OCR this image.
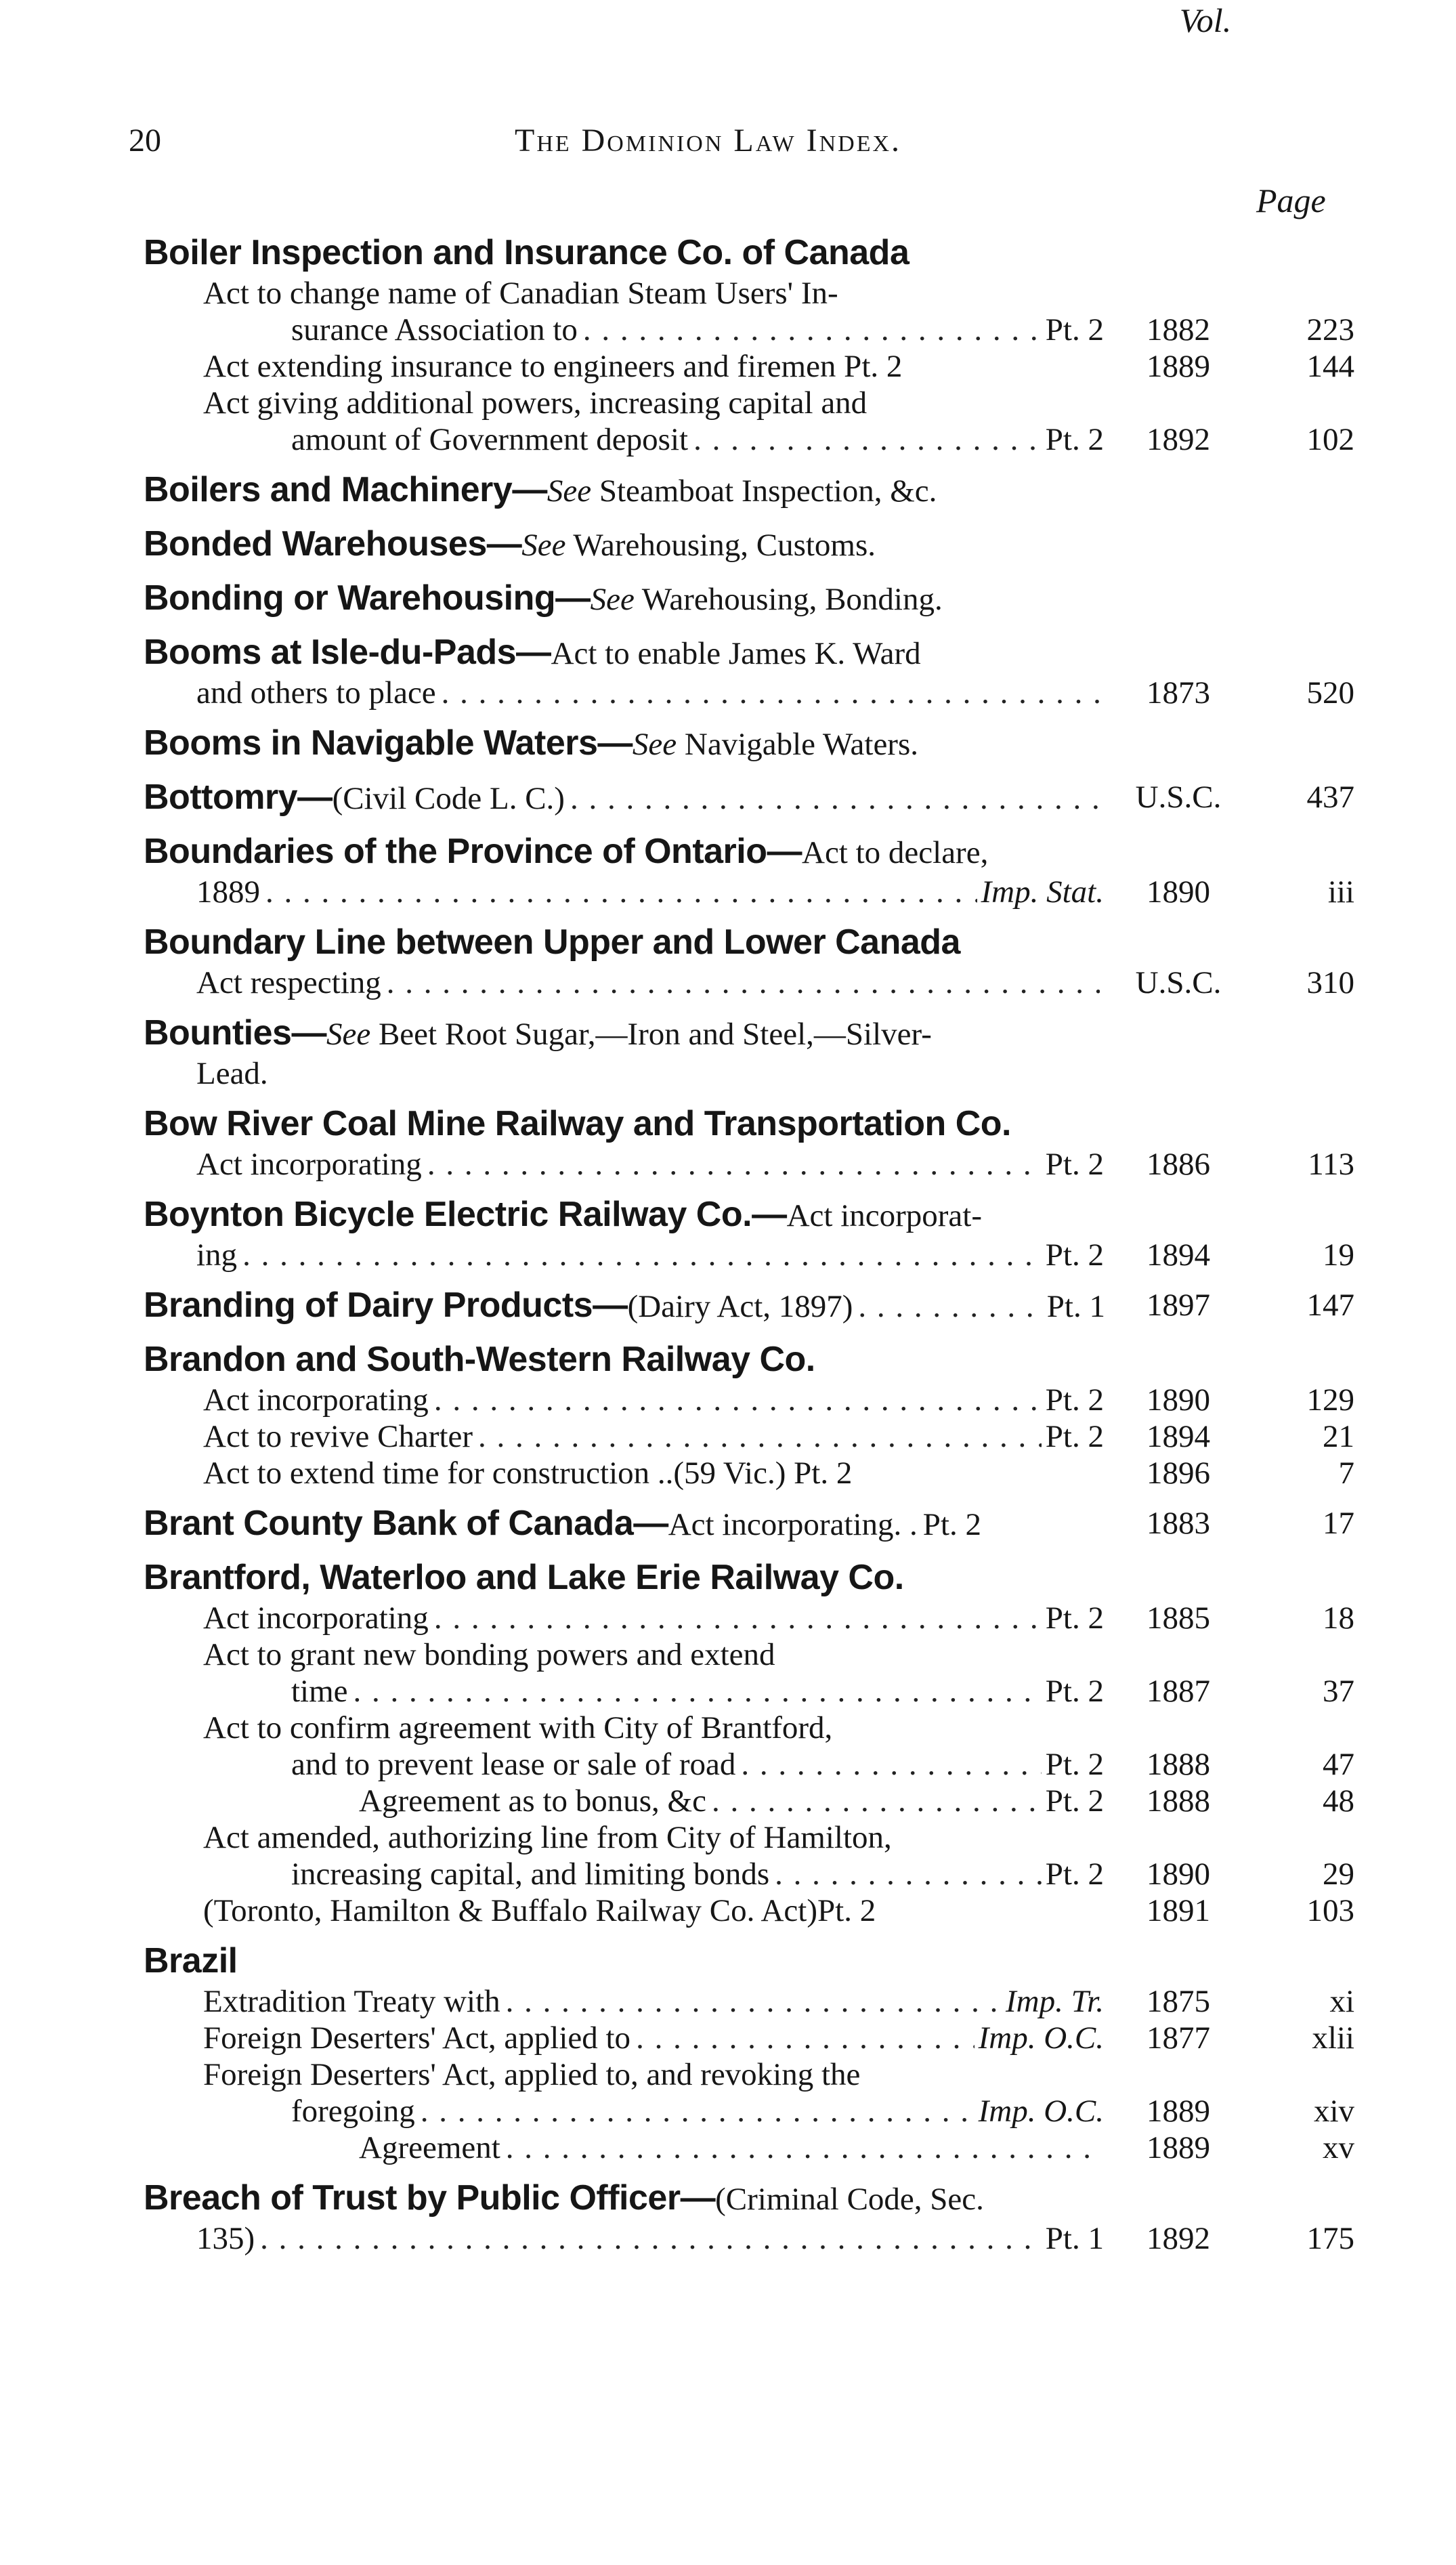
20	The Dominion Law Index.
Vol.
Page
Boiler Inspection and Insurance Co. of Canada
Act to change name of Canadian Steam Users' In-
surance Association to . . .	Pt. 2	1882	223
Act extending insurance to engineers and firemen Pt. 2	1889	144
Act giving additional powers, increasing capital and
amount of Government deposit . . .	Pt. 2	1892	102
Boilers and Machinery—See Steamboat Inspection, &c.
Bonded Warehouses—See Warehousing, Customs.
Bonding or Warehousing—See Warehousing, Bonding.
Booms at Isle-du-Pads—Act to enable James K. Ward
and others to place . . .	1873	520
Booms in Navigable Waters—See Navigable Waters.
Bottomry— (Civil Code L. C.) . . .	U.S.C.	437
Boundaries of the Province of Ontario—Act to declare,
1889 . . .	Imp. Stat.	1890	iii
Boundary Line between Upper and Lower Canada
Act respecting . . .	U.S.C.	310
Bounties—See Beet Root Sugar,—Iron and Steel,—Silver-
Lead.
Bow River Coal Mine Railway and Transportation Co.
Act incorporating . . .	Pt. 2	1886	113
Boynton Bicycle Electric Railway Co.—Act incorporat-
ing . . .	Pt. 2	1894	19
Branding of Dairy Products— (Dairy Act, 1897) . . .	Pt. 1	1897	147
Brandon and South-Western Railway Co.
Act incorporating . . .	Pt. 2	1890	129
Act to revive Charter . . .	Pt. 2	1894	21
Act to extend time for construction ..(59 Vic.) Pt. 2	1896	7
Brant County Bank of Canada— Act incorporating. . Pt. 2	1883	17
Brantford, Waterloo and Lake Erie Railway Co.
Act incorporating . . .	Pt. 2	1885	18
Act to grant new bonding powers and extend
time . . .	Pt. 2	1887	37
Act to confirm agreement with City of Brantford,
and to prevent lease or sale of road . . .	Pt. 2	1888	47
Agreement as to bonus, &c . . .	Pt. 2	1888	48
Act amended, authorizing line from City of Hamilton,
increasing capital, and limiting bonds . . .	Pt. 2	1890	29
(Toronto, Hamilton & Buffalo Railway Co. Act)Pt. 2	1891	103
Brazil
Extradition Treaty with . . .	Imp. Tr.	1875	xi
Foreign Deserters' Act, applied to . . .	Imp. O.C.	1877	xlii
Foreign Deserters' Act, applied to, and revoking the
foregoing . . .	Imp. O.C.	1889	xiv
Agreement . . .	1889	xv
Breach of Trust by Public Officer—(Criminal Code, Sec.
135) . . .	Pt. 1	1892	175
